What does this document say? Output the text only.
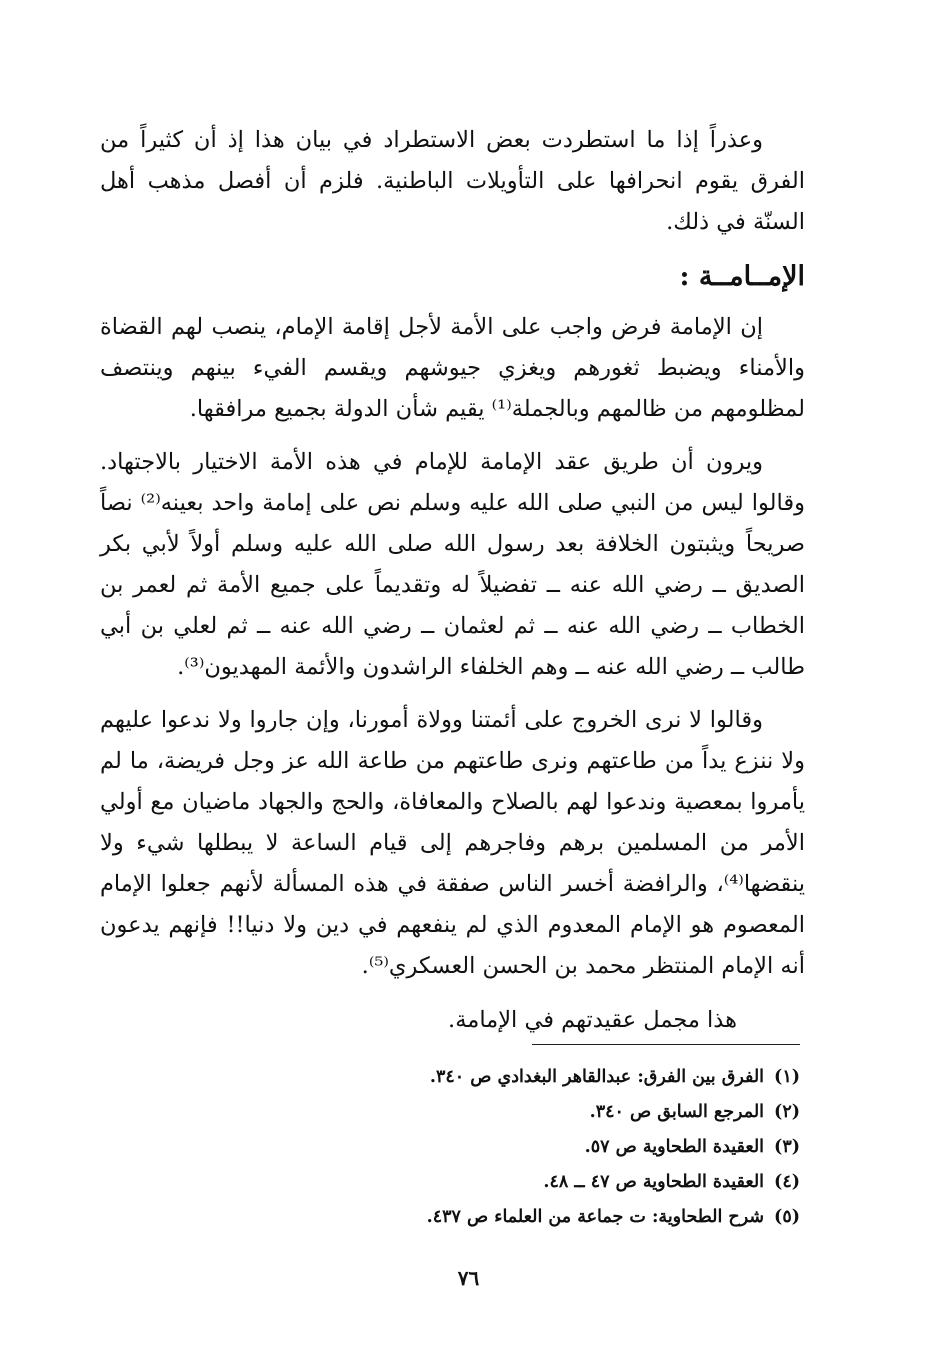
وعذراً إذا ما استطردت بعض الاستطراد في بيان هذا إذ أن كثيراً من الفرق يقوم انحرافها على التأويلات الباطنية. فلزم أن أفصل مذهب أهل السنّة في ذلك.

الإمــامــة :

إن الإمامة فرض واجب على الأمة لأجل إقامة الإمام، ينصب لهم القضاة والأمناء ويضبط ثغورهم ويغزي جيوشهم ويقسم الفيء بينهم وينتصف لمظلومهم من ظالمهم وبالجملة⁽¹⁾ يقيم شأن الدولة بجميع مرافقها.

ويرون أن طريق عقد الإمامة للإمام في هذه الأمة الاختيار بالاجتهاد. وقالوا ليس من النبي صلى الله عليه وسلم نص على إمامة واحد بعينه⁽²⁾ نصاً صريحاً ويثبتون الخلافة بعد رسول الله صلى الله عليه وسلم أولاً لأبي بكر الصديق ــ رضي الله عنه ــ تفضيلاً له وتقديماً على جميع الأمة ثم لعمر بن الخطاب ــ رضي الله عنه ــ ثم لعثمان ــ رضي الله عنه ــ ثم لعلي بن أبي طالب ــ رضي الله عنه ــ وهم الخلفاء الراشدون والأئمة المهديون⁽³⁾.

وقالوا لا نرى الخروج على أئمتنا وولاة أمورنا، وإن جاروا ولا ندعوا عليهم ولا ننزع يداً من طاعتهم ونرى طاعتهم من طاعة الله عز وجل فريضة، ما لم يأمروا بمعصية وندعوا لهم بالصلاح والمعافاة، والحج والجهاد ماضيان مع أولي الأمر من المسلمين برهم وفاجرهم إلى قيام الساعة لا يبطلها شيء ولا ينقضها⁽⁴⁾، والرافضة أخسر الناس صفقة في هذه المسألة لأنهم جعلوا الإمام المعصوم هو الإمام المعدوم الذي لم ينفعهم في دين ولا دنيا!! فإنهم يدعون أنه الإمام المنتظر محمد بن الحسن العسكري⁽⁵⁾.

هذا مجمل عقيدتهم في الإمامة.

(١)الفرق بين الفرق: عبدالقاهر البغدادي ص ٣٤٠.
(٢)المرجع السابق ص ٣٤٠.
(٣)العقيدة الطحاوية ص ٥٧.
(٤)العقيدة الطحاوية ص ٤٧ ــ ٤٨.
(٥)شرح الطحاوية: ت جماعة من العلماء ص ٤٣٧.
٧٦
